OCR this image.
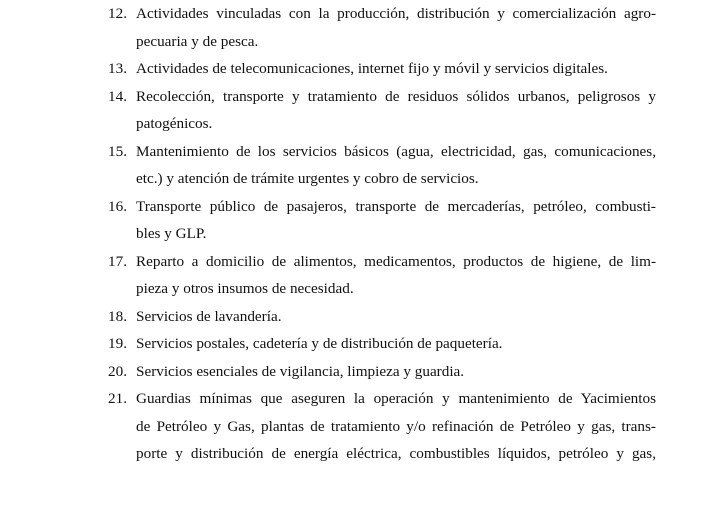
12. Actividades vinculadas con la producción, distribución y comercialización agro-
pecuaria y de pesca.
13. Actividades de telecomunicaciones, internet fijo y móvil y servicios digitales.
14. Recolección, transporte y tratamiento de residuos sólidos urbanos, peligrosos y
patogénicos.
15. Mantenimiento de los servicios básicos (agua, electricidad, gas, comunicaciones,
etc.) y atención de trámite urgentes y cobro de servicios.
16. Transporte público de pasajeros, transporte de mercaderías, petróleo, combusti-
bles y GLP.
17. Reparto a domicilio de alimentos, medicamentos, productos de higiene, de lim-
pieza y otros insumos de necesidad.
18. Servicios de lavandería.
19. Servicios postales, cadetería y de distribución de paquetería.
20. Servicios esenciales de vigilancia, limpieza y guardia.
21. Guardias mínimas que aseguren la operación y mantenimiento de Yacimientos
de Petróleo y Gas, plantas de tratamiento y/o refinación de Petróleo y gas, trans-
porte y distribución de energía eléctrica, combustibles líquidos, petróleo y gas,
